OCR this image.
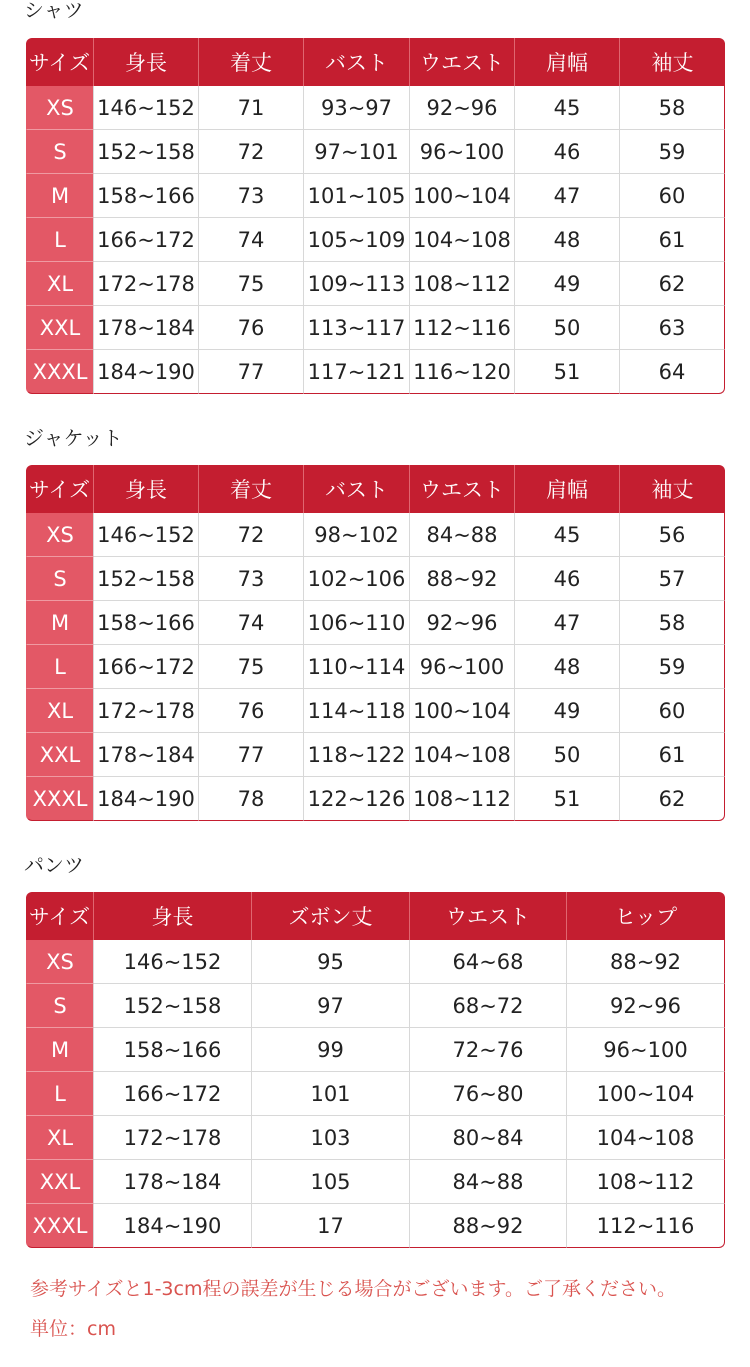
シャツ
サイズ	身長	着丈	バスト	ウエスト	肩幅	袖丈
XS	146~152	71	93~97	92~96	45	58
S	152~158	72	97~101	96~100	46	59
M	158~166	73	101~105	100~104	47	60
L	166~172	74	105~109	104~108	48	61
XL	172~178	75	109~113	108~112	49	62
XXL	178~184	76	113~117	112~116	50	63
XXXL	184~190	77	117~121	116~120	51	64
ジャケット
サイズ	身長	着丈	バスト	ウエスト	肩幅	袖丈
XS	146~152	72	98~102	84~88	45	56
S	152~158	73	102~106	88~92	46	57
M	158~166	74	106~110	92~96	47	58
L	166~172	75	110~114	96~100	48	59
XL	172~178	76	114~118	100~104	49	60
XXL	178~184	77	118~122	104~108	50	61
XXXL	184~190	78	122~126	108~112	51	62
パンツ
サイズ	身長	ズボン丈	ウエスト	ヒップ
XS	146~152	95	64~68	88~92
S	152~158	97	68~72	92~96
M	158~166	99	72~76	96~100
L	166~172	101	76~80	100~104
XL	172~178	103	80~84	104~108
XXL	178~184	105	84~88	108~112
XXXL	184~190	17	88~92	112~116
参考サイズと1-3cm程の誤差が生じる場合がございます。ご了承ください。
単位：cm
